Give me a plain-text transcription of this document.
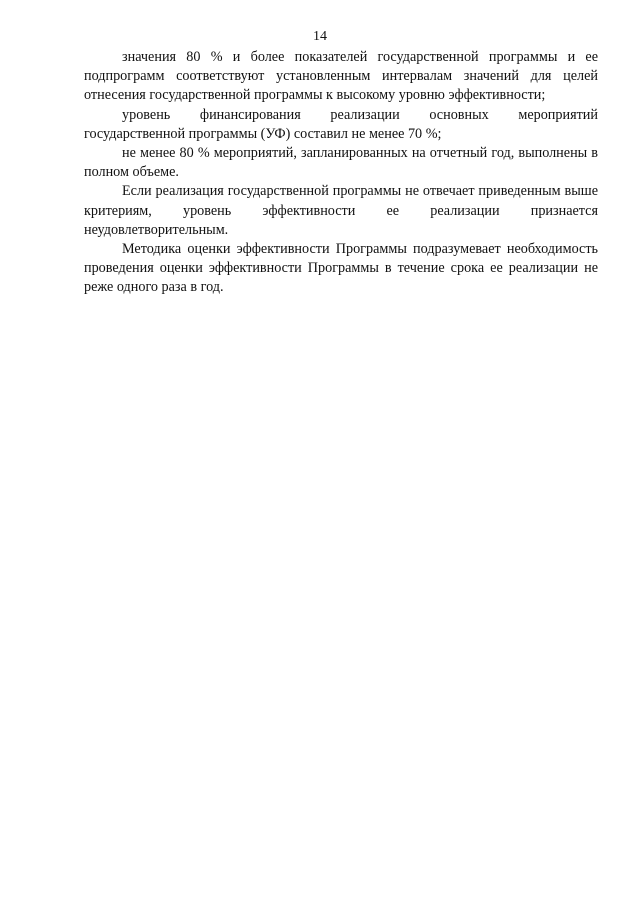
14

значения 80 % и более показателей государственной программы и ее подпрограмм соответствуют установленным интервалам значений для целей отнесения государственной программы к высокому уровню эффективности;

уровень финансирования реализации основных мероприятий государственной программы (УФ) составил не менее 70 %;

не менее 80 % мероприятий, запланированных на отчетный год, выполнены в полном объеме.

Если реализация государственной программы не отвечает приведенным выше критериям, уровень эффективности ее реализации признается неудовлетворительным.

Методика оценки эффективности Программы подразумевает необходимость проведения оценки эффективности Программы в течение срока ее реализации не реже одного раза в год.
